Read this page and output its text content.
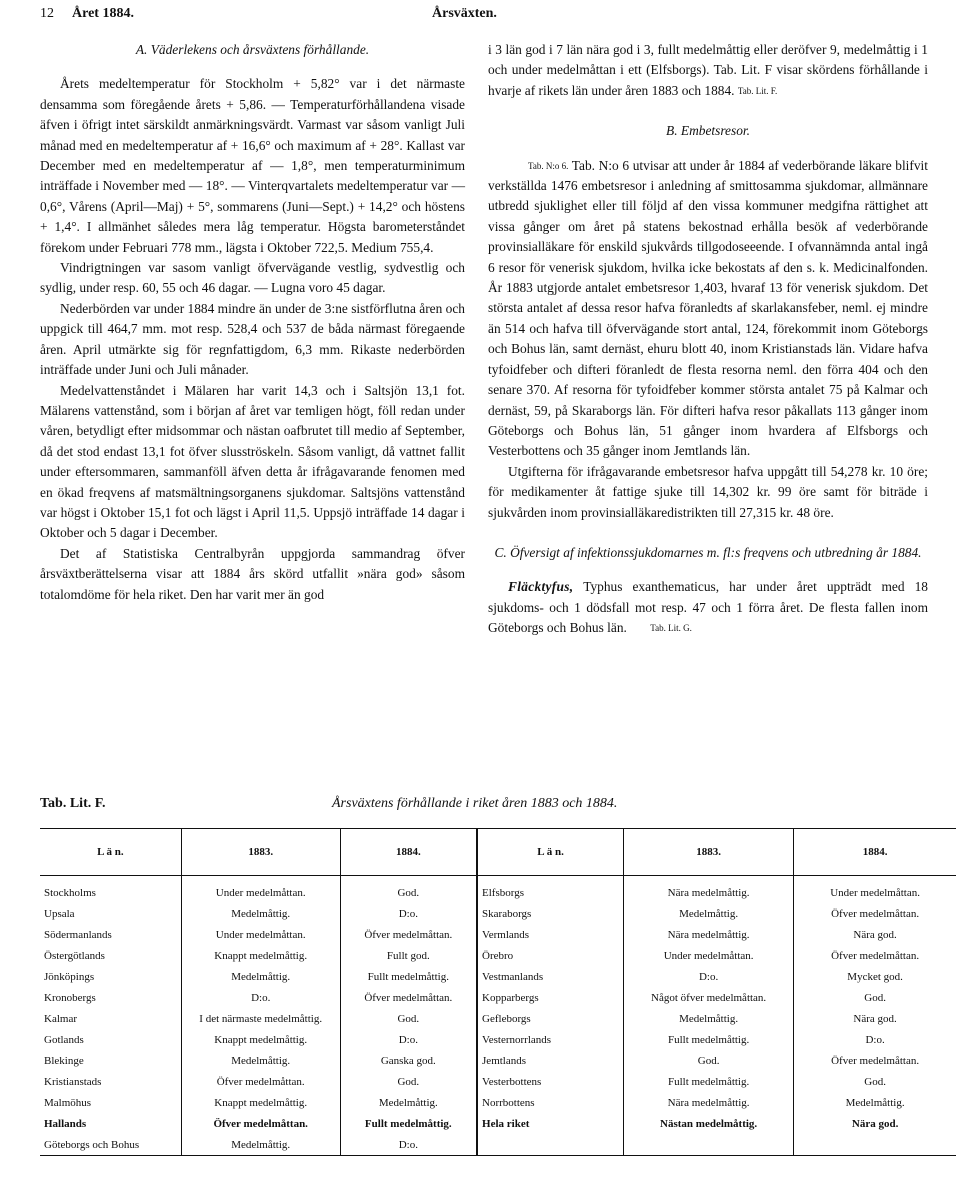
12 Året 1884.	Årsväxten.

A. Väderlekens och årsväxtens förhållande.

Årets medeltemperatur för Stockholm + 5,82° var i det närmaste densamma som föregående årets + 5,86. — Temperaturförhållandena visade äfven i öfrigt intet särskildt anmärkningsvärdt. Varmast var såsom vanligt Juli månad med en medeltemperatur af + 16,6° och maximum af + 28°. Kallast var December med en medeltemperatur af — 1,8°, men temperaturminimum inträffade i November med — 18°. — Vinterqvartalets medeltemperatur var — 0,6°, Vårens (April—Maj) + 5°, sommarens (Juni—Sept.) + 14,2° och höstens + 1,4°. I allmänhet således mera låg temperatur. Högsta barometerståndet förekom under Februari 778 mm., lägsta i Oktober 722,5. Medium 755,4.

Vindrigtningen var sasom vanligt öfvervägande vestlig, sydvestlig och sydlig, under resp. 60, 55 och 46 dagar. — Lugna voro 45 dagar.

Nederbörden var under 1884 mindre än under de 3:ne sistförflutna åren och uppgick till 464,7 mm. mot resp. 528,4 och 537 de båda närmast föregaende åren. April utmärkte sig för regnfattigdom, 6,3 mm. Rikaste nederbörden inträffade under Juni och Juli månader.

Medelvattenståndet i Mälaren har varit 14,3 och i Saltsjön 13,1 fot. Mälarens vattenstånd, som i början af året var temligen högt, föll redan under våren, betydligt efter midsommar och nästan oafbrutet till medio af September, då det stod endast 13,1 fot öfver slusströskeln. Såsom vanligt, då vattnet fallit under eftersommaren, sammanföll äfven detta år ifrågavarande fenomen med en ökad freqvens af matsmältningsorganens sjukdomar. Saltsjöns vattenstånd var högst i Oktober 15,1 fot och lägst i April 11,5. Uppsjö inträffade 14 dagar i Oktober och 5 dagar i December.

Det af Statistiska Centralbyrån uppgjorda sammandrag öfver årsväxtberättelserna visar att 1884 års skörd utfallit »nära god» såsom totalomdöme för hela riket. Den har varit mer än god

i 3 län god i 7 län nära god i 3, fullt medelmåttig eller deröfver 9, medelmåttig i 1 och under medelmåttan i ett (Elfsborgs). Tab. Lit. F visar skördens förhållande i hvarje af rikets län under åren 1883 och 1884. Tab. Lit. F.

B. Embetsresor.

Tab. N:o 6. Tab. N:o 6 utvisar att under år 1884 af vederbörande läkare blifvit verkställda 1476 embetsresor i anledning af smittosamma sjukdomar, allmännare utbredd sjuklighet eller till följd af den vissa kommuner medgifna rättighet att vissa gånger om året på statens bekostnad erhålla besök af vederbörande provinsialläkare för enskild sjukvårds tillgodoseeende. I ofvannämnda antal ingå 6 resor för venerisk sjukdom, hvilka ickе bekostats af den s. k. Medicinalfonden. År 1883 utgjorde antalet embetsresor 1,403, hvaraf 13 för venerisk sjukdom. Det största antalet af dessa resor hafva föranledts af skarlakansfeber, neml. ej mindre än 514 och hafva till öfvervägande stort antal, 124, förekommit inom Göteborgs och Bohus län, samt dernäst, ehuru blott 40, inom Kristianstads län. Vidare hafva tyfoidfeber och difteri föranledt de flesta resorna neml. den förra 404 och den senare 370. Af resorna för tyfoidfeber kommer största antalet 75 på Kalmar och dernäst, 59, på Skaraborgs län. För difteri hafva resor påkallats 113 gånger inom Göteborgs och Bohus län, 51 gånger inom hvardera af Elfsborgs och Vesterbottens och 35 gånger inom Jemtlands län.

Utgifterna för ifrågavarande embetsresor hafva uppgått till 54,278 kr. 10 öre; för medikamenter åt fattige sjuke till 14,302 kr. 99 öre samt för biträde i sjukvården inom provinsialläkaredistrikten till 27,315 kr. 48 öre.

C. Öfversigt af infektionssjukdomarnes m. fl:s freqvens och utbredning år 1884.

Fläcktyfus, Typhus exanthematicus, har under året uppträdt med 18 sjukdoms- och 1 dödsfall mot resp. 47 och 1 förra året. De flesta fallen inom Göteborgs och Bohus län.	Tab. Lit. G.

Tab. Lit. F.	Årsväxtens förhållande i riket åren 1883 och 1884.
L ä n.	1883.	1884.	L ä n.	1883.	1884.
Stockholms	Under medelmåttan.	God.	Elfsborgs	Nära medelmåttig.	Under medelmåttan.
Upsala	Medelmåttig.	D:o.	Skaraborgs	Medelmåttig.	Öfver medelmåttan.
Södermanlands	Under medelmåttan.	Öfver medelmåttan.	Vermlands	Nära medelmåttig.	Nära god.
Östergötlands	Knappt medelmåttig.	Fullt god.	Örebro	Under medelmåttan.	Öfver medelmåttan.
Jönköpings	Medelmåttig.	Fullt medelmåttig.	Vestmanlands	D:o.	Mycket god.
Kronobergs	D:o.	Öfver medelmåttan.	Kopparbergs	Något öfver medelmåttan.	God.
Kalmar	I det närmaste medelmåttig.	God.	Gefleborgs	Medelmåttig.	Nära god.
Gotlands	Knappt medelmåttig.	D:o.	Vesternorrlands	Fullt medelmåttig.	D:o.
Blekinge	Medelmåttig.	Ganska god.	Jemtlands	God.	Öfver medelmåttan.
Kristianstads	Öfver medelmåttan.	God.	Vesterbottens	Fullt medelmåttig.	God.
Malmöhus	Knappt medelmåttig.	Medelmåttig.	Norrbottens	Nära medelmåttig.	Medelmåttig.
Hallands	Öfver medelmåttan.	Fullt medelmåttig.	Hela riket	Nästan medelmåttig.	Nära god.
Göteborgs och Bohus	Medelmåttig.	D:o.			
